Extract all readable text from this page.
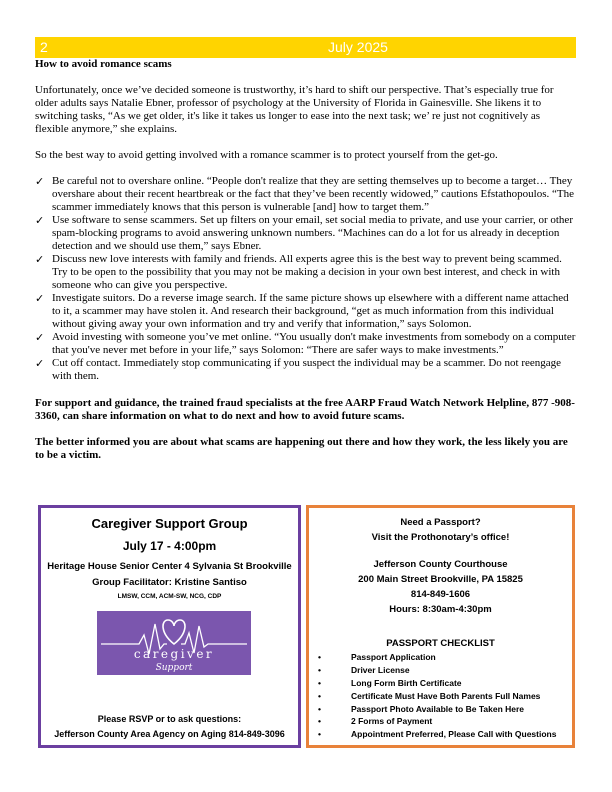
2	July 2025
How to avoid romance scams

Unfortunately, once we’ve decided someone is trustworthy, it’s hard to shift our perspective. That’s especially true for older adults says Natalie Ebner, professor of psychology at the University of Florida in Gainesville. She likens it to switching tasks, “As we get older, it's like it takes us longer to ease into the next task; we’ re just not cognitively as flexible anymore,” she explains.

So the best way to avoid getting involved with a romance scammer is to protect yourself from the get-go.

✓ Be careful not to overshare online. “People don't realize that they are setting themselves up to become a target… They overshare about their recent heartbreak or the fact that they’ve been recently widowed,” cautions Efstathopoulos. “The scammer immediately knows that this person is vulnerable [and] how to target them.”
✓ Use software to sense scammers. Set up filters on your email, set social media to private, and use your carrier, or other spam-blocking programs to avoid answering unknown numbers. “Machines can do a lot for us already in deception detection and we should use them,” says Ebner.
✓ Discuss new love interests with family and friends. All experts agree this is the best way to prevent being scammed. Try to be open to the possibility that you may not be making a decision in your own best interest, and check in with someone who can give you perspective.
✓ Investigate suitors. Do a reverse image search. If the same picture shows up elsewhere with a different name attached to it, a scammer may have stolen it. And research their background, “get as much information from this individual without giving away your own information and try and verify that information,” says Solomon.
✓ Avoid investing with someone you’ve met online. “You usually don't make investments from somebody on a computer that you've never met before in your life,” says Solomon: “There are safer ways to make investments.”
✓ Cut off contact. Immediately stop communicating if you suspect the individual may be a scammer. Do not reengage with them.

For support and guidance, the trained fraud specialists at the free AARP Fraud Watch Network Helpline, 877 -908-3360, can share information on what to do next and how to avoid future scams.

The better informed you are about what scams are happening out there and how they work, the less likely you are to be a victim.

Caregiver Support Group
July 17 - 4:00pm
Heritage House Senior Center 4 Sylvania St Brookville
Group Facilitator: Kristine Santiso
LMSW, CCM, ACM-SW, NCG, CDP
caregiver
Support
Please RSVP or to ask questions:
Jefferson County Area Agency on Aging 814-849-3096
Need a Passport?
Visit the Prothonotary’s office!
Jefferson County Courthouse
200 Main Street Brookville, PA 15825
814-849-1606
Hours: 8:30am-4:30pm
PASSPORT CHECKLIST
•	Passport Application
•	Driver License
•	Long Form Birth Certificate
•	Certificate Must Have Both Parents Full Names
•	Passport Photo Available to Be Taken Here
•	2 Forms of Payment
•	Appointment Preferred, Please Call with Questions
